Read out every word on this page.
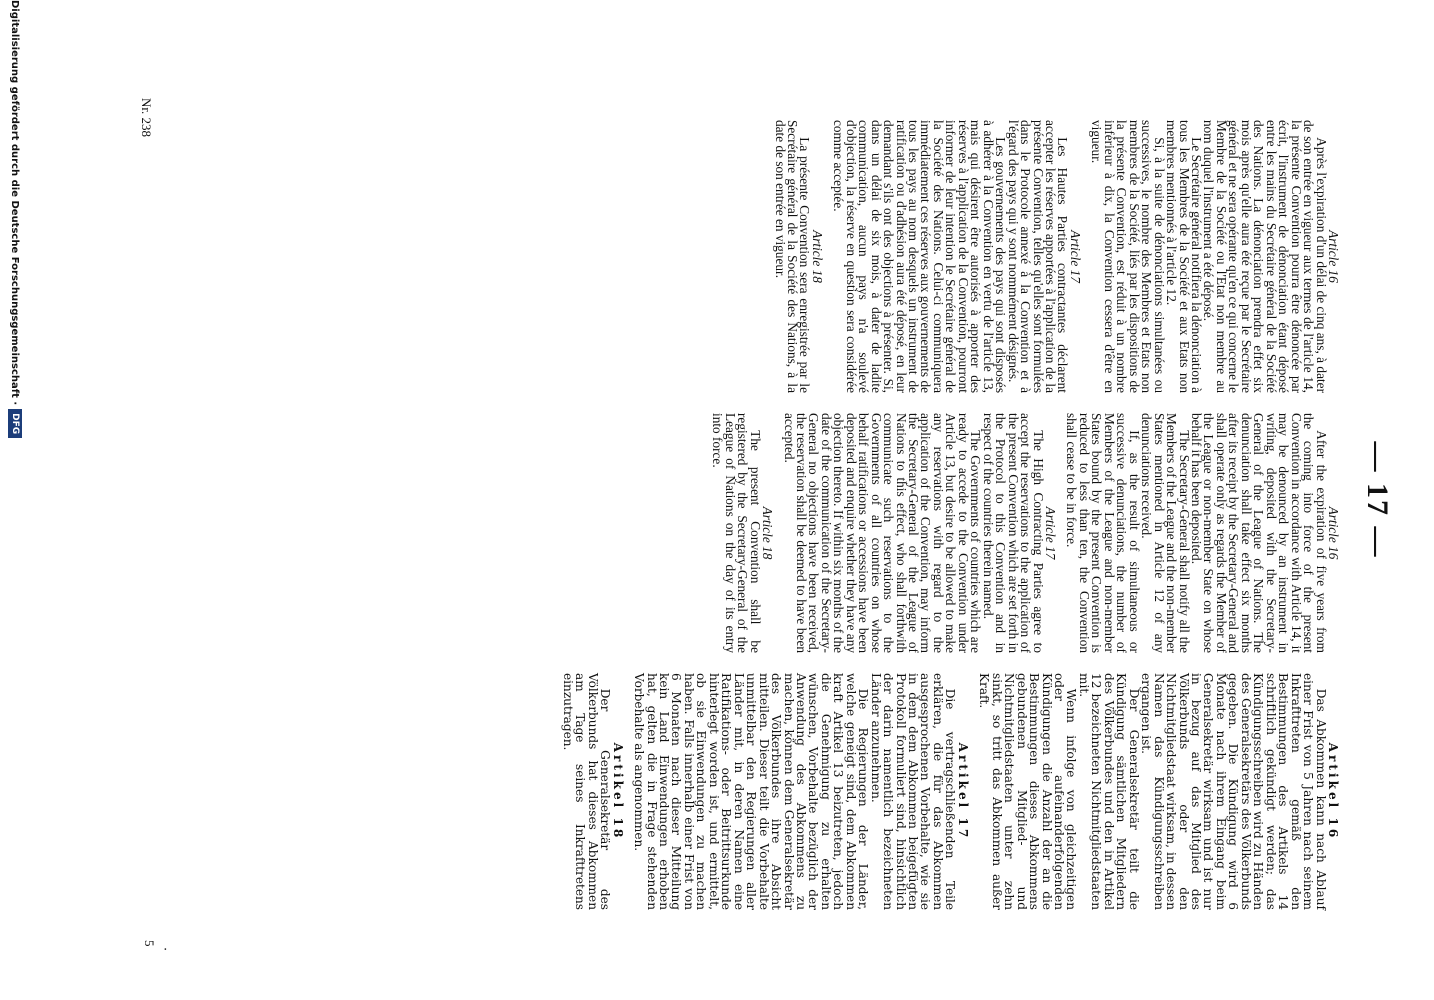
— 17 —

Article 16

Après l'expiration d'un délai de cinq ans, à dater de son entrée en vigueur aux termes de l'article 14, la présente Convention pourra être dénoncée par écrit, l'instrument de dénonciation étant déposé entre les mains du Secrétaire général de la Société des Nations. La dénonciation prendra effet six mois après qu'elle aura été reçue par le Secrétaire général et ne sera opérante qu'en ce qui concerne le Membre de la Société ou l'Etat non membre au nom duquel l'instrument a été déposé.

Le Secrétaire général notifiera la dénonciation à tous les Membres de la Société et aux Etats non membres mentionnés à l'article 12.

Si, à la suite de dénonciations simultanées ou successives, le nombre des Membres et Etats non membres de la Société, liés par les dispositions de la présente Convention, est réduit à un nombre inférieur à dix, la Convention cessera d'être en vigueur.

Article 17

Les Hautes Parties contractantes déclarent accepter les réserves apportées à l'application de la présente Convention, telles qu'elles sont formulées dans le Protocole annexé à la Convention et à l'égard des pays qui y sont nommément désignés.

Les gouvernements des pays qui sont disposés à adhérer à la Convention en vertu de l'article 13, mais qui désirent être autorisés à apporter des réserves à l'application de la Convention, pourront informer de leur intention le Secrétaire général de la Société des Nations. Celui-ci communiquera immédiatement ces réserves aux gouvernements de tous les pays au nom desquels un instrument de ratification ou d'adhésion aura été déposé, en leur demandant s'ils ont des objections à présenter. Si, dans un délai de six mois, à dater de ladite communication, aucun pays n'a soulevé d'objection, la réserve en question sera considérée comme acceptée.

Article 18

La présente Convention sera enregistrée par le Secrétaire général de la Société des Nations, à la date de son entrée en vigueur.

Article 16

After the expiration of five years from the coming into force of the present Convention in accordance with Article 14, it may be denounced by an instrument in writing, deposited with the Secretary-General of the League of Nations. The denunciation shall take effect six months after its receipt by the Secretary-General and shall operate only as regards the Member of the League or non-member State on whose behalf it has been deposited.

The Secretary-General shall notify all the Members of the League and the non-member States mentioned in Article 12 of any denunciations received.

If, as the result of simultaneous or successive denunciations, the number of Members of the League and non-member States bound by the present Convention is reduced to less than ten, the Convention shall cease to be in force.

Article 17

The High Contracting Parties agree to accept the reservations to the application of the present Convention which are set forth in the Protocol to this Convention and in respect of the countries therein named.

The Governments of countries which are ready to accede to the Convention under Article 13, but desire to be allowed to make any reservations with regard to the application of the Convention, may inform the Secretary-General of the League of Nations to this effect, who shall forthwith communicate such reservations to the Governments of all countries on whose behalf ratifications or accessions have been deposited and enquire whether they have any objection thereto. If within six months of the date of the communication of the Secretary-General no objections have been received, the reservation shall be deemed to have been accepted.

Article 18

The present Convention shall be registered by the Secretary-General of the League of Nations on the day of its entry into force.

Artikel 16

Das Abkommen kann nach Ablauf einer Frist von 5 Jahren nach seinem Inkrafttreten gemäß den Bestimmungen des Artikels 14 schriftlich gekündigt werden; das Kündigungsschreiben wird zu Händen des Generalsekretärs des Völkerbunds gegeben. Die Kündigung wird 6 Monate nach ihrem Eingang beim Generalsekretär wirksam und ist nur in bezug auf das Mitglied des Völkerbunds oder den Nichtmitgliedstaat wirksam, in dessen Namen das Kündigungsschreiben ergangen ist.

Der Generalsekretär teilt die Kündigung sämtlichen Mitgliedern des Völkerbundes und den in Artikel 12 bezeichneten Nichtmitgliedstaaten mit.

Wenn infolge von gleichzeitigen oder aufeinanderfolgenden Kündigungen die Anzahl der an die Bestimmungen dieses Abkommens gebundenen Mitglied- und Nichtmitgliedstaaten unter zehn sinkt, so tritt das Abkommen außer Kraft.

Artikel 17

Die vertragschließenden Teile erklären, die für das Abkommen ausgesprochenen Vorbehalte, wie sie in dem dem Abkommen beigefügten Protokoll formuliert sind, hinsichtlich der darin namentlich bezeichneten Länder anzunehmen.

Die Regierungen der Länder, welche geneigt sind, dem Abkommen kraft Artikel 13 beizutreten, jedoch die Genehmigung zu erhalten wünschen, Vorbehalte bezüglich der Anwendung des Abkommens zu machen, können dem Generalsekretär des Völkerbundes ihre Absicht mitteilen. Dieser teilt die Vorbehalte unmittelbar den Regierungen aller Länder mit, in deren Namen eine Ratifikations- oder Beitrittsurkunde hinterlegt worden ist, und ermittelt, ob sie Einwendungen zu machen haben. Falls innerhalb einer Frist von 6 Monaten nach dieser Mitteilung kein Land Einwendungen erhoben hat, gelten die in Frage stehenden Vorbehalte als angenommen.

Artikel 18

Der Generalsekretär des Völkerbunds hat dieses Abkommen am Tage seines Inkrafttretens einzutragen.

Nr. 238
·
5
Digitalisierung gefördert durch die Deutsche Forschungsgemeinschaft ·
DFG
